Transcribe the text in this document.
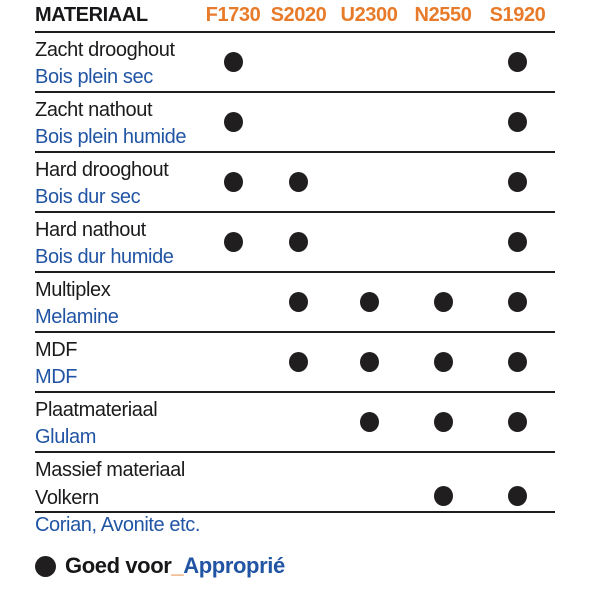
MATERIAAL	F1730 S2020 U2300 N2550 S1920
Zacht drooghout
Bois plein sec
Zacht nathout
Bois plein humide
Hard drooghout
Bois dur sec
Hard nathout
Bois dur humide
Multiplex
Melamine
MDF
MDF
Plaatmateriaal
Glulam
Massief materiaal Volkern
Corian, Avonite etc.
Goed voor_Approprié
